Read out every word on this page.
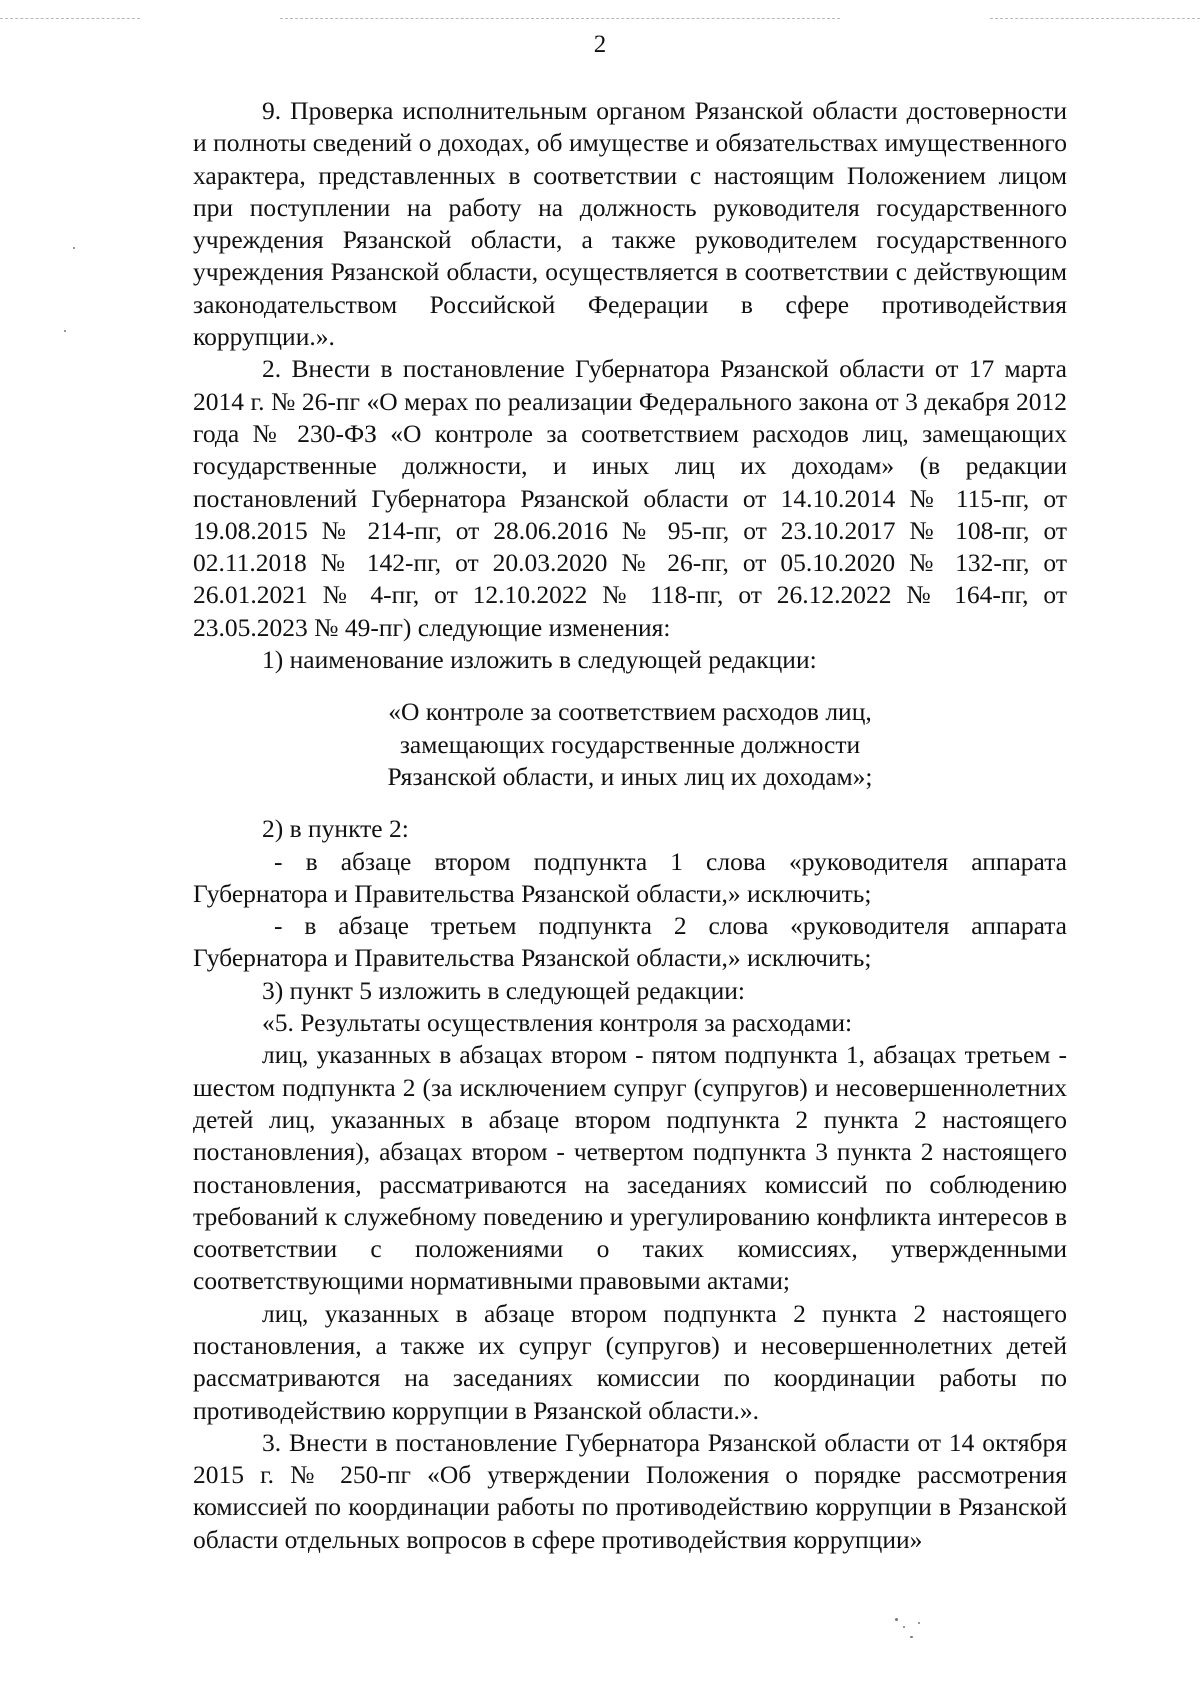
2

9. Проверка исполнительным органом Рязанской области достоверности и полноты сведений о доходах, об имуществе и обязательствах имущественного характера, представленных в соответствии с настоящим Положением лицом при поступлении на работу на должность руководителя государственного учреждения Рязанской области, а также руководителем государственного учреждения Рязанской области, осуществляется в соответствии с действующим законодательством Российской Федерации в сфере противодействия коррупции.».

2. Внести в постановление Губернатора Рязанской области от 17 марта 2014 г. № 26-пг «О мерах по реализации Федерального закона от 3 декабря 2012 года № 230-ФЗ «О контроле за соответствием расходов лиц, замещающих государственные должности, и иных лиц их доходам» (в редакции постановлений Губернатора Рязанской области от 14.10.2014 № 115-пг, от 19.08.2015 № 214-пг, от 28.06.2016 № 95-пг, от 23.10.2017 № 108-пг, от 02.11.2018 № 142-пг, от 20.03.2020 № 26-пг, от 05.10.2020 № 132-пг, от 26.01.2021 № 4-пг, от 12.10.2022 № 118-пг, от 26.12.2022 № 164-пг, от 23.05.2023 № 49-пг) следующие изменения:

1) наименование изложить в следующей редакции:

«О контроле за соответствием расходов лиц,
замещающих государственные должности
Рязанской области, и иных лиц их доходам»;

2) в пункте 2:

- в абзаце втором подпункта 1 слова «руководителя аппарата Губернатора и Правительства Рязанской области,» исключить;

- в абзаце третьем подпункта 2 слова «руководителя аппарата Губернатора и Правительства Рязанской области,» исключить;

3) пункт 5 изложить в следующей редакции:

«5. Результаты осуществления контроля за расходами:

лиц, указанных в абзацах втором - пятом подпункта 1, абзацах третьем - шестом подпункта 2 (за исключением супруг (супругов) и несовершеннолетних детей лиц, указанных в абзаце втором подпункта 2 пункта 2 настоящего постановления), абзацах втором - четвертом подпункта 3 пункта 2 настоящего постановления, рассматриваются на заседаниях комиссий по соблюдению требований к служебному поведению и урегулированию конфликта интересов в соответствии с положениями о таких комиссиях, утвержденными соответствующими нормативными правовыми актами;

лиц, указанных в абзаце втором подпункта 2 пункта 2 настоящего постановления, а также их супруг (супругов) и несовершеннолетних детей рассматриваются на заседаниях комиссии по координации работы по противодействию коррупции в Рязанской области.».

3. Внести в постановление Губернатора Рязанской области от 14 октября 2015 г. № 250-пг «Об утверждении Положения о порядке рассмотрения комиссией по координации работы по противодействию коррупции в Рязанской области отдельных вопросов в сфере противодействия коррупции»
